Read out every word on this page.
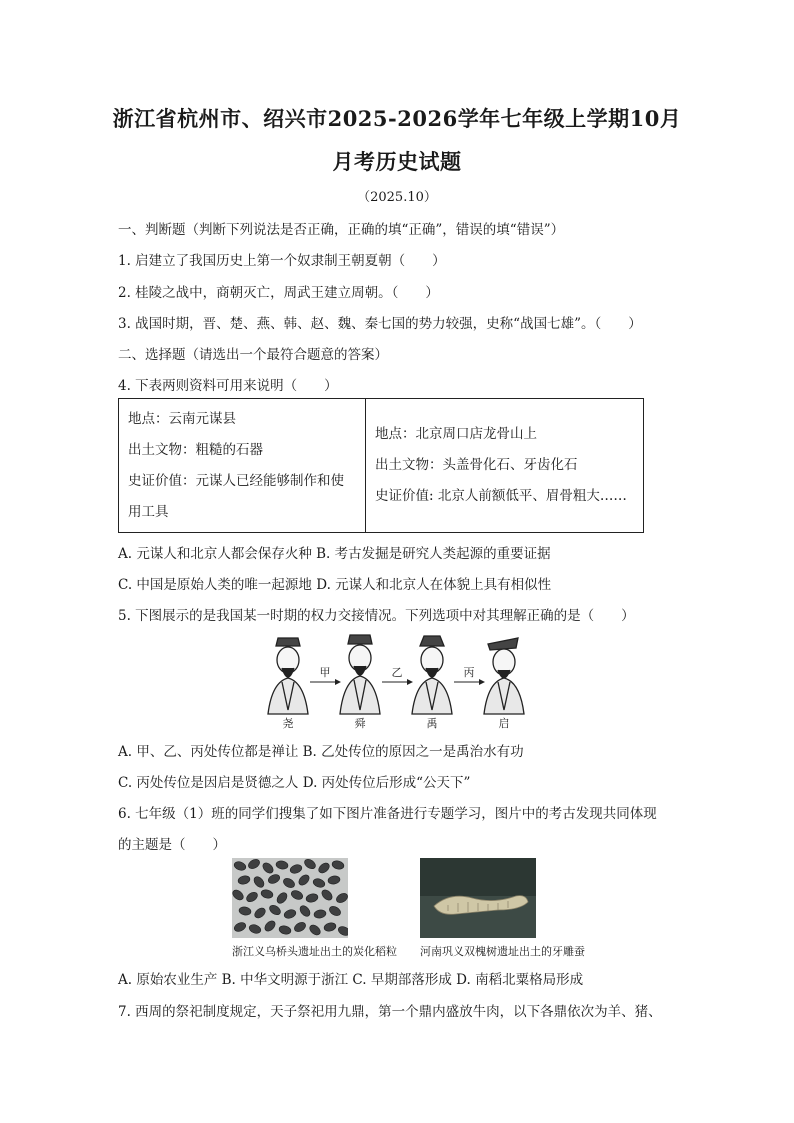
浙江省杭州市、绍兴市2025-2026学年七年级上学期10月
月考历史试题
（2025.10）
一、判断题（判断下列说法是否正确，正确的填“正确”，错误的填“错误”）
1. 启建立了我国历史上第一个奴隶制王朝夏朝（　　）
2. 桂陵之战中，商朝灭亡，周武王建立周朝。（　　）
3. 战国时期，晋、楚、燕、韩、赵、魏、秦七国的势力较强，史称“战国七雄”。（　　）
二、选择题（请选出一个最符合题意的答案）
4. 下表两则资料可用来说明（　　）
地点：云南元谋县
出土文物：粗糙的石器
史证价值：元谋人已经能够制作和使
用工具

地点：北京周口店龙骨山上
出土文物：头盖骨化石、牙齿化石
史证价值: 北京人前额低平、眉骨粗大……
A. 元谋人和北京人都会保存火种 B. 考古发掘是研究人类起源的重要证据
C. 中国是原始人类的唯一起源地 D. 元谋人和北京人在体貌上具有相似性
5. 下图展示的是我国某一时期的权力交接情况。下列选项中对其理解正确的是（　　）
甲	乙	丙
尧	舜	禹	启
A. 甲、乙、丙处传位都是禅让 B. 乙处传位的原因之一是禹治水有功
C. 丙处传位是因启是贤德之人 D. 丙处传位后形成“公天下”
6. 七年级（1）班的同学们搜集了如下图片准备进行专题学习，图片中的考古发现共同体现
的主题是（　　）
浙江义乌桥头遗址出土的炭化稻粒 河南巩义双槐树遗址出土的牙雕蚕
A. 原始农业生产 B. 中华文明源于浙江 C. 早期部落形成 D. 南稻北粟格局形成
7. 西周的祭祀制度规定，天子祭祀用九鼎，第一个鼎内盛放牛肉，以下各鼎依次为羊、猪、
